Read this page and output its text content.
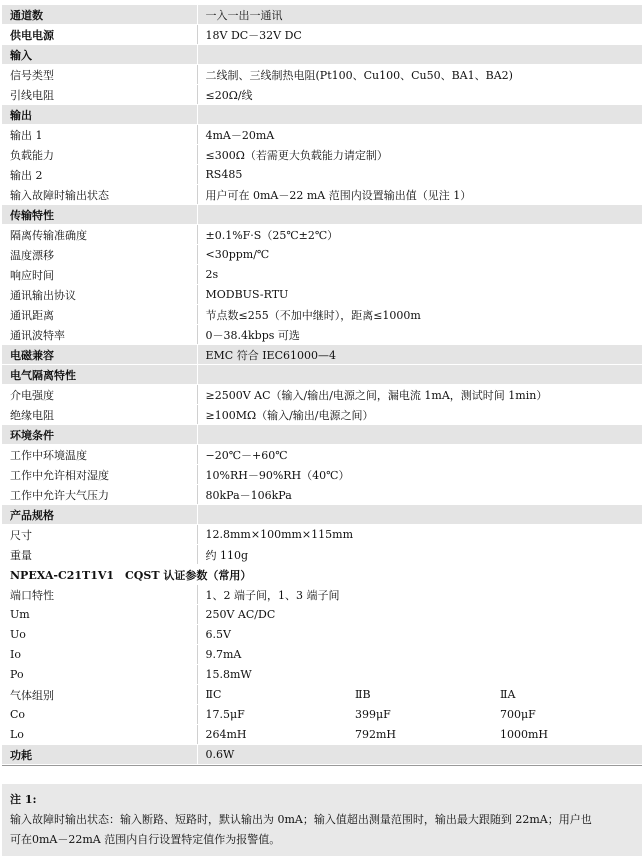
通道数	一入一出一通讯		
供电电源	18V DC－32V DC		
输入			
信号类型	二线制、三线制热电阻(Pt100、Cu100、Cu50、BA1、BA2)		
引线电阻	≤20Ω/线		
输出			
输出 1	4mA－20mA		
负载能力	≤300Ω（若需更大负载能力请定制）		
输出 2	RS485		
输入故障时输出状态	用户可在 0mA－22 mA 范围内设置输出值（见注 1）		
传输特性			
隔离传输准确度	±0.1%F·S（25℃±2℃）		
温度漂移	<30ppm/℃		
响应时间	2s		
通讯输出协议	MODBUS-RTU		
通讯距离	节点数≤255（不加中继时），距离≤1000m		
通讯波特率	0－38.4kbps 可选		
电磁兼容	EMC 符合 IEC61000—4		
电气隔离特性			
介电强度	≥2500V AC（输入/输出/电源之间，漏电流 1mA，测试时间 1min）		
绝缘电阻	≥100MΩ（输入/输出/电源之间）		
环境条件			
工作中环境温度	−20℃－+60℃		
工作中允许相对湿度	10%RH－90%RH（40℃）		
工作中允许大气压力	80kPa－106kPa		
产品规格			
尺寸	12.8mm×100mm×115mm		
重量	约 110g		
NPEXA-C21T1V1　CQST 认证参数（常用）			
端口特性	1、2 端子间，1、3 端子间		
Um	250V AC/DC		
Uo	6.5V		
Io	9.7mA		
Po	15.8mW		
气体组别	ⅡC	ⅡB	ⅡA
Co	17.5μF	399μF	700μF
Lo	264mH	792mH	1000mH
功耗	0.6W		
注 1:
输入故障时输出状态：输入断路、短路时，默认输出为 0mA；输入值超出测量范围时，输出最大跟随到 22mA；用户也
可在0mA－22mA 范围内自行设置特定值作为报警值。
